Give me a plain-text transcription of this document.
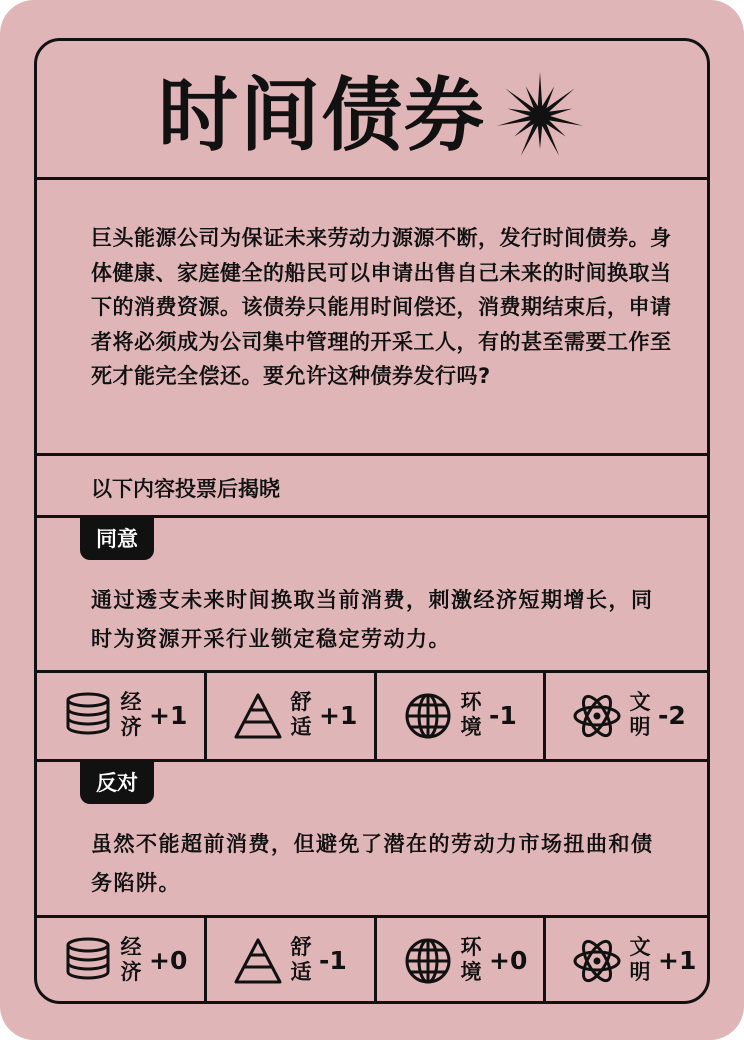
时间债券
巨头能源公司为保证未来劳动力源源不断，发行时间债券。身体健康、家庭健全的船民可以申请出售自己未来的时间换取当下的消费资源。该债券只能用时间偿还，消费期结束后，申请者将必须成为公司集中管理的开采工人，有的甚至需要工作至死才能完全偿还。要允许这种债券发行吗?
以下内容投票后揭晓
同意
通过透支未来时间换取当前消费，刺激经济短期增长，同时为资源开采行业锁定稳定劳动力。
经济 +1	舒适 +1	环境 -1	文明 -2
反对
虽然不能超前消费，但避免了潜在的劳动力市场扭曲和债务陷阱。
经济 +0	舒适 -1	环境 +0	文明 +1
